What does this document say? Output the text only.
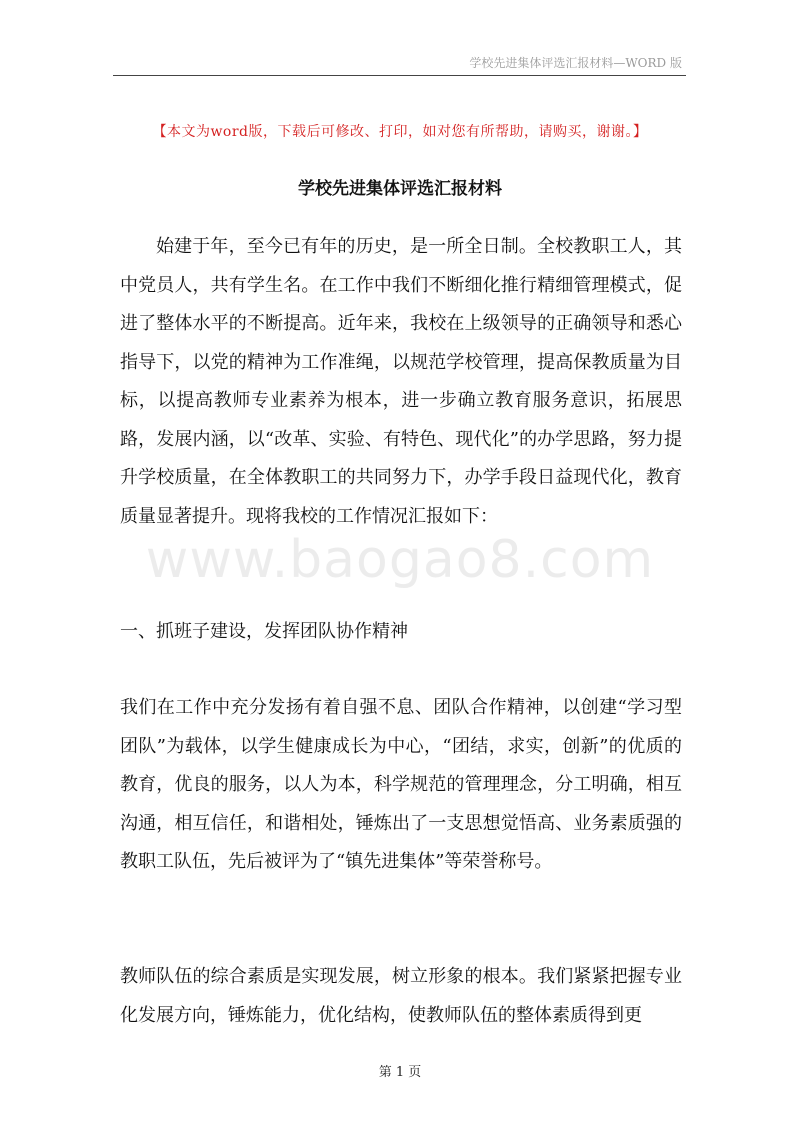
学校先进集体评选汇报材料—WORD 版
【本文为word版，下载后可修改、打印，如对您有所帮助，请购买，谢谢。】
学校先进集体评选汇报材料

始建于年，至今已有年的历史，是一所全日制。全校教职工人，其中党员人，共有学生名。在工作中我们不断细化推行精细管理模式，促进了整体水平的不断提高。近年来，我校在上级领导的正确领导和悉心指导下，以党的精神为工作准绳，以规范学校管理，提高保教质量为目标，以提高教师专业素养为根本，进一步确立教育服务意识，拓展思路，发展内涵，以“改革、实验、有特色、现代化”的办学思路，努力提升学校质量，在全体教职工的共同努力下，办学手段日益现代化，教育质量显著提升。现将我校的工作情况汇报如下：

www.baogao8.com

一、抓班子建设，发挥团队协作精神

我们在工作中充分发扬有着自强不息、团队合作精神，以创建“学习型团队”为载体，以学生健康成长为中心，“团结，求实，创新”的优质的教育，优良的服务，以人为本，科学规范的管理理念，分工明确，相互沟通，相互信任，和谐相处，锤炼出了一支思想觉悟高、业务素质强的教职工队伍，先后被评为了“镇先进集体”等荣誉称号。

教师队伍的综合素质是实现发展，树立形象的根本。我们紧紧把握专业化发展方向，锤炼能力，优化结构，使教师队伍的整体素质得到更

第 1 页
